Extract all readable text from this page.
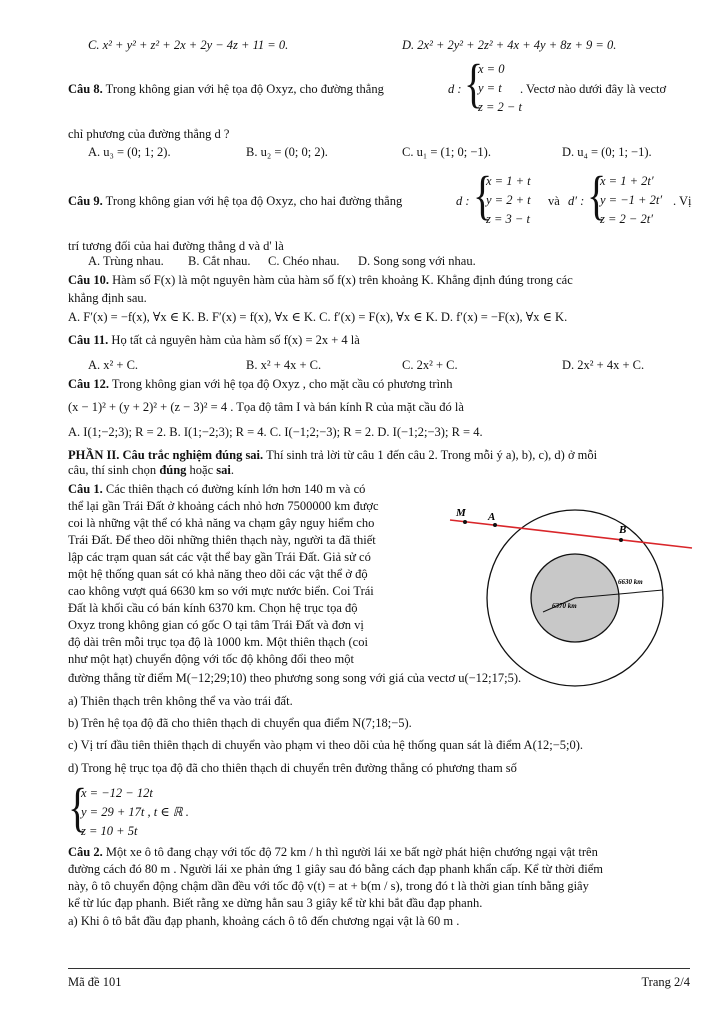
C. x² + y² + z² + 2x + 2y − 4z + 11 = 0.	D. 2x² + 2y² + 2z² + 4x + 4y + 8z + 9 = 0.
Câu 8. Trong không gian với hệ tọa độ Oxyz, cho đường thẳng	d : {
x = 0
y = t
z = 2 − t
. Vectơ nào dưới đây là vectơ
chỉ phương của đường thẳng d ?
A. u₃ = (0; 1; 2).	B. u₂ = (0; 0; 2).	C. u₁ = (1; 0; −1).	D. u₄ = (0; 1; −1).
Câu 9. Trong không gian với hệ tọa độ Oxyz, cho hai đường thẳng	d : {
x = 1 + t
y = 2 + t
z = 3 − t
và d′ : {
x = 1 + 2t′
y = −1 + 2t′
z = 2 − 2t′
. Vị
trí tương đối của hai đường thẳng d và d' là
A. Trùng nhau. B. Cắt nhau. C. Chéo nhau. D. Song song với nhau.
Câu 10. Hàm số F(x) là một nguyên hàm của hàm số f(x) trên khoảng K. Khẳng định đúng trong các
khẳng định sau.
A. F′(x) = −f(x), ∀x ∈ K. B. F′(x) = f(x), ∀x ∈ K. C. f′(x) = F(x), ∀x ∈ K. D. f′(x) = −F(x), ∀x ∈ K.
Câu 11. Họ tất cả nguyên hàm của hàm số f(x) = 2x + 4 là
A. x² + C.	B. x² + 4x + C.	C. 2x² + C.	D. 2x² + 4x + C.
Câu 12. Trong không gian với hệ tọa độ Oxyz , cho mặt cầu có phương trình
(x − 1)² + (y + 2)² + (z − 3)² = 4 . Tọa độ tâm I và bán kính R của mặt cầu đó là
A. I(1;−2;3); R = 2. B. I(1;−2;3); R = 4. C. I(−1;2;−3); R = 2. D. I(−1;2;−3); R = 4.
PHẦN II. Câu trắc nghiệm đúng sai. Thí sinh trả lời từ câu 1 đến câu 2. Trong mỗi ý a), b), c), d) ở mỗi
câu, thí sinh chọn đúng hoặc sai.
Câu 1. Các thiên thạch có đường kính lớn hơn 140 m và có
thể lại gần Trái Đất ở khoảng cách nhỏ hơn 7500000 km được
coi là những vật thể có khả năng va chạm gây nguy hiểm cho
Trái Đất. Để theo dõi những thiên thạch này, người ta đã thiết
lập các trạm quan sát các vật thể bay gần Trái Đất. Giả sử có
một hệ thống quan sát có khả năng theo dõi các vật thể ở độ
cao không vượt quá 6630 km so với mực nước biển. Coi Trái
Đất là khối cầu có bán kính 6370 km. Chọn hệ trục tọa độ
Oxyz trong không gian có gốc O tại tâm Trái Đất và đơn vị
độ dài trên mỗi trục tọa độ là 1000 km. Một thiên thạch (coi
như một hạt) chuyển động với tốc độ không đổi theo một
đường thẳng từ điểm M(−12;29;10) theo phương song song với giá của vectơ u(−12;17;5).
a) Thiên thạch trên không thể va vào trái đất.
b) Trên hệ tọa độ đã cho thiên thạch di chuyển qua điểm N(7;18;−5).
c) Vị trí đầu tiên thiên thạch di chuyển vào phạm vi theo dõi của hệ thống quan sát là điểm A(12;−5;0).
d) Trong hệ trục tọa độ đã cho thiên thạch di chuyển trên đường thẳng có phương tham số
{
x = −12 − 12t
y = 29 + 17t , t ∈ ℝ .
z = 10 + 5t
Câu 2. Một xe ô tô đang chạy với tốc độ 72 km / h thì người lái xe bất ngờ phát hiện chướng ngại vật trên
đường cách đó 80 m . Người lái xe phản ứng 1 giây sau đó bằng cách đạp phanh khẩn cấp. Kể từ thời điểm
này, ô tô chuyển động chậm dần đều với tốc độ v(t) = at + b(m / s), trong đó t là thời gian tính bằng giây
kể từ lúc đạp phanh. Biết rằng xe dừng hẳn sau 3 giây kể từ khi bắt đầu đạp phanh.
a) Khi ô tô bắt đầu đạp phanh, khoảng cách ô tô đến chương ngại vật là 60 m .
M A
B
6630 km
6370 km
Mã đề 101	Trang 2/4
